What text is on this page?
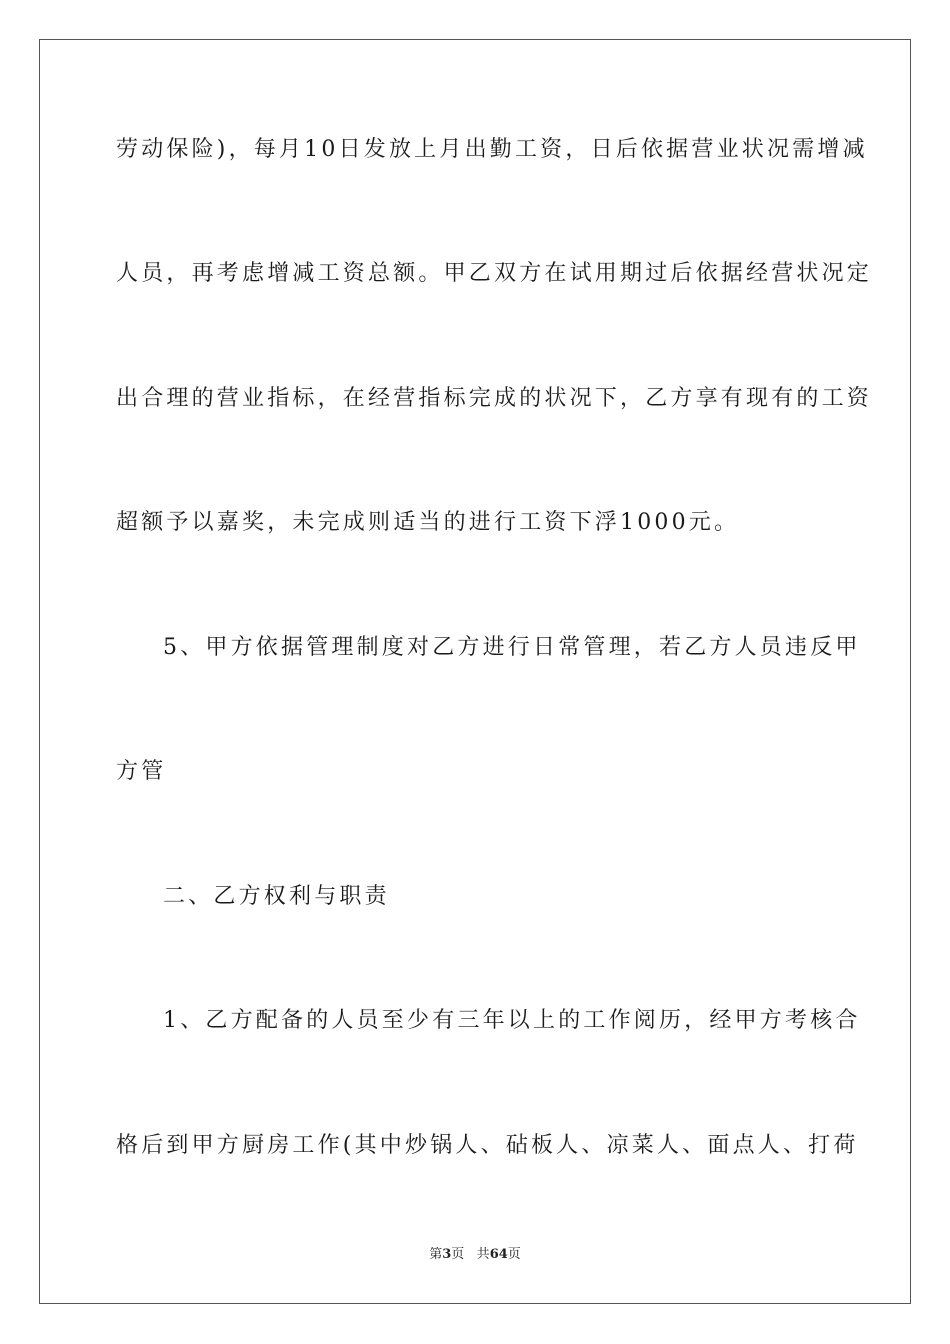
劳动保险)，每月10日发放上月出勤工资，日后依据营业状况需增减
人员，再考虑增减工资总额。甲乙双方在试用期过后依据经营状况定
出合理的营业指标，在经营指标完成的状况下，乙方享有现有的工资
超额予以嘉奖，未完成则适当的进行工资下浮1000元。
5、甲方依据管理制度对乙方进行日常管理，若乙方人员违反甲
方管
二、乙方权利与职责
1、乙方配备的人员至少有三年以上的工作阅历，经甲方考核合
格后到甲方厨房工作(其中炒锅人、砧板人、凉菜人、面点人、打荷
第3页 共64页
